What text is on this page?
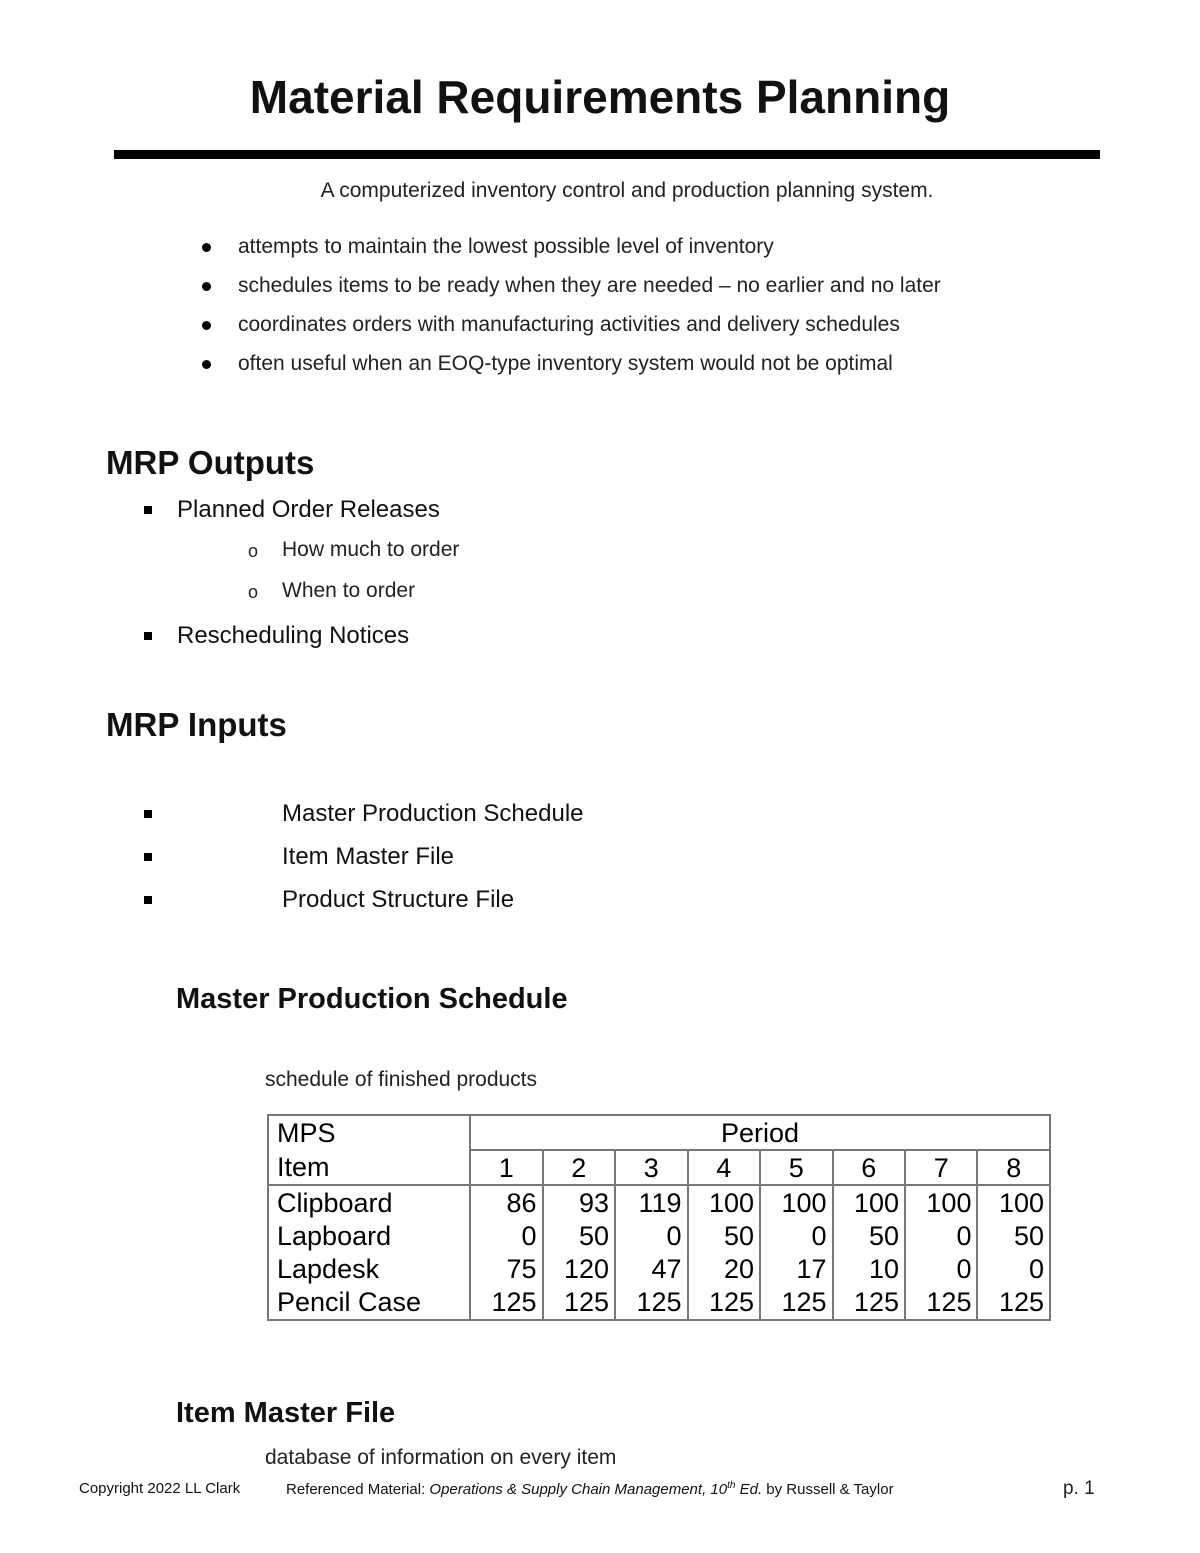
Material Requirements Planning
A computerized inventory control and production planning system.
attempts to maintain the lowest possible level of inventory
schedules items to be ready when they are needed – no earlier and no later
coordinates orders with manufacturing activities and delivery schedules
often useful when an EOQ-type inventory system would not be optimal
MRP Outputs
Planned Order Releases
o How much to order
o When to order
Rescheduling Notices
MRP Inputs
Master Production Schedule
Item Master File
Product Structure File
Master Production Schedule
schedule of finished products
MPS	Period							
Item	1	2	3	4	5	6	7	8
Clipboard	86	93	119	100	100	100	100	100
Lapboard	0	50	0	50	0	50	0	50
Lapdesk	75	120	47	20	17	10	0	0
Pencil Case	125	125	125	125	125	125	125	125
Item Master File
database of information on every item
Copyright 2022 LL Clark	Referenced Material: Operations & Supply Chain Management, 10th Ed. by Russell & Taylor	p. 1
